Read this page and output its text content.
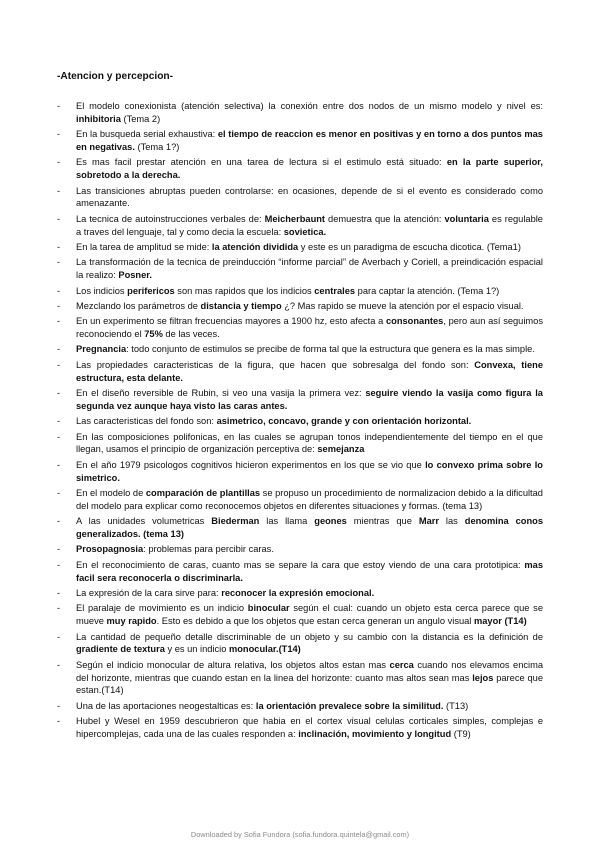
-Atencion y percepcion-
- El modelo conexionista (atención selectiva) la conexión entre dos nodos de un mismo modelo y nivel es: inhibitoria (Tema 2)
- En la busqueda serial exhaustiva: el tiempo de reaccion es menor en positivas y en torno a dos puntos mas en negativas. (Tema 1?)
- Es mas facil prestar atención en una tarea de lectura si el estimulo está situado: en la parte superior, sobretodo a la derecha.
- Las transiciones abruptas pueden controlarse: en ocasiones, depende de si el evento es considerado como amenazante.
- La tecnica de autoinstrucciones verbales de: Meicherbaunt demuestra que la atención: voluntaria es regulable a traves del lenguaje, tal y como decia la escuela: sovietica.
- En la tarea de amplitud se mide: la atención dividida y este es un paradigma de escucha dicotica. (Tema1)
- La transformación de la tecnica de preinducción “informe parcial” de Averbach y Coriell, a preindicación espacial la realizo: Posner.
- Los indicios perifericos son mas rapidos que los indicios centrales para captar la atención. (Tema 1?)
- Mezclando los parámetros de distancia y tiempo ¿? Mas rapido se mueve la atención por el espacio visual.
- En un experimento se filtran frecuencias mayores a 1900 hz, esto afecta a consonantes, pero aun así seguimos reconociendo el 75% de las veces.
- Pregnancia: todo conjunto de estimulos se precibe de forma tal que la estructura que genera es la mas simple.
- Las propiedades caracteristicas de la figura, que hacen que sobresalga del fondo son: Convexa, tiene estructura, esta delante.
- En el diseño reversible de Rubin, si veo una vasija la primera vez: seguire viendo la vasija como figura la segunda vez aunque haya visto las caras antes.
- Las caracteristicas del fondo son: asimetrico, concavo, grande y con orientación horizontal.
- En las composiciones polifonicas, en las cuales se agrupan tonos independientemente del tiempo en el que llegan, usamos el principio de organización perceptiva de: semejanza
- En el año 1979 psicologos cognitivos hicieron experimentos en los que se vio que lo convexo prima sobre lo simetrico.
- En el modelo de comparación de plantillas se propuso un procedimiento de normalizacion debido a la dificultad del modelo para explicar como reconocemos objetos en diferentes situaciones y formas. (tema 13)
- A las unidades volumetricas Biederman las llama geones mientras que Marr las denomina conos generalizados. (tema 13)
- Prosopagnosia: problemas para percibir caras.
- En el reconocimiento de caras, cuanto mas se separe la cara que estoy viendo de una cara prototipica: mas facil sera reconocerla o discriminarla.
- La expresión de la cara sirve para: reconocer la expresión emocional.
- El paralaje de movimiento es un indicio binocular según el cual: cuando un objeto esta cerca parece que se mueve muy rapido. Esto es debido a que los objetos que estan cerca generan un angulo visual mayor (T14)
- La cantidad de pequeño detalle discriminable de un objeto y su cambio con la distancia es la definición de gradiente de textura y es un indicio monocular.(T14)
- Según el indicio monocular de altura relativa, los objetos altos estan mas cerca cuando nos elevamos encima del horizonte, mientras que cuando estan en la linea del horizonte: cuanto mas altos sean mas lejos parece que estan.(T14)
- Una de las aportaciones neogestalticas es: la orientación prevalece sobre la similitud. (T13)
- Hubel y Wesel en 1959 descubrieron que habia en el cortex visual celulas corticales simples, complejas e hipercomplejas, cada una de las cuales responden a: inclinación, movimiento y longitud (T9)
Downloaded by Sofia Fundora (sofia.fundora.quintela@gmail.com)
